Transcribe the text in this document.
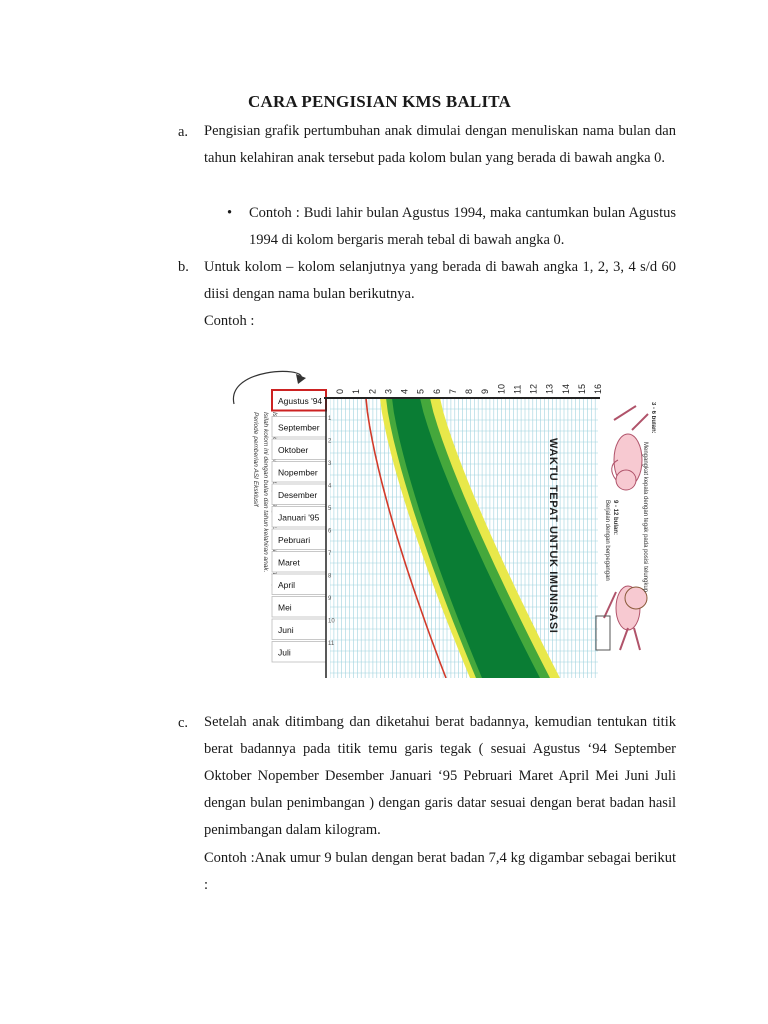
CARA PENGISIAN KMS BALITA
a. Pengisian grafik pertumbuhan anak dimulai dengan menuliskan nama bulan dan tahun kelahiran anak tersebut pada kolom bulan yang berada di bawah angka 0.
• Contoh : Budi lahir bulan Agustus 1994, maka cantumkan bulan Agustus 1994 di kolom bergaris merah tebal di bawah angka 0.
b. Untuk kolom – kolom selanjutnya yang berada di bawah angka 1, 2, 3, 4 s/d 60 diisi dengan nama bulan berikutnya.
Contoh :
Periode pemberian ASI Eksklusif Isilah kolom ini dengan bulan dan tahun kelahiran anak.
Agustus '94
September
Oktober
Nopember
Desember
Januari '95
Pebruari
Maret
April
Mei
Juni
Juli
0 1 2 3 4 5 6 7 8 9 10 11 12 13 14 15 16
1
2
3
4
5
6
7
8
9
10
11
WAKTU TEPAT UNTUK IMUNISASI
3 - 6 bulan:
Mengangkat kepala dengan tegak pada posisi telungkup
9 - 12 bulan:
Berjalan dengan berpegangan
c. Setelah anak ditimbang dan diketahui berat badannya, kemudian tentukan titik berat badannya pada titik temu garis tegak ( sesuai Agustus ‘94 September Oktober Nopember Desember Januari ‘95 Pebruari Maret April Mei Juni Juli dengan bulan penimbangan ) dengan garis datar sesuai dengan berat badan hasil penimbangan dalam kilogram.
Contoh :Anak umur 9 bulan dengan berat badan 7,4 kg digambar sebagai berikut :
